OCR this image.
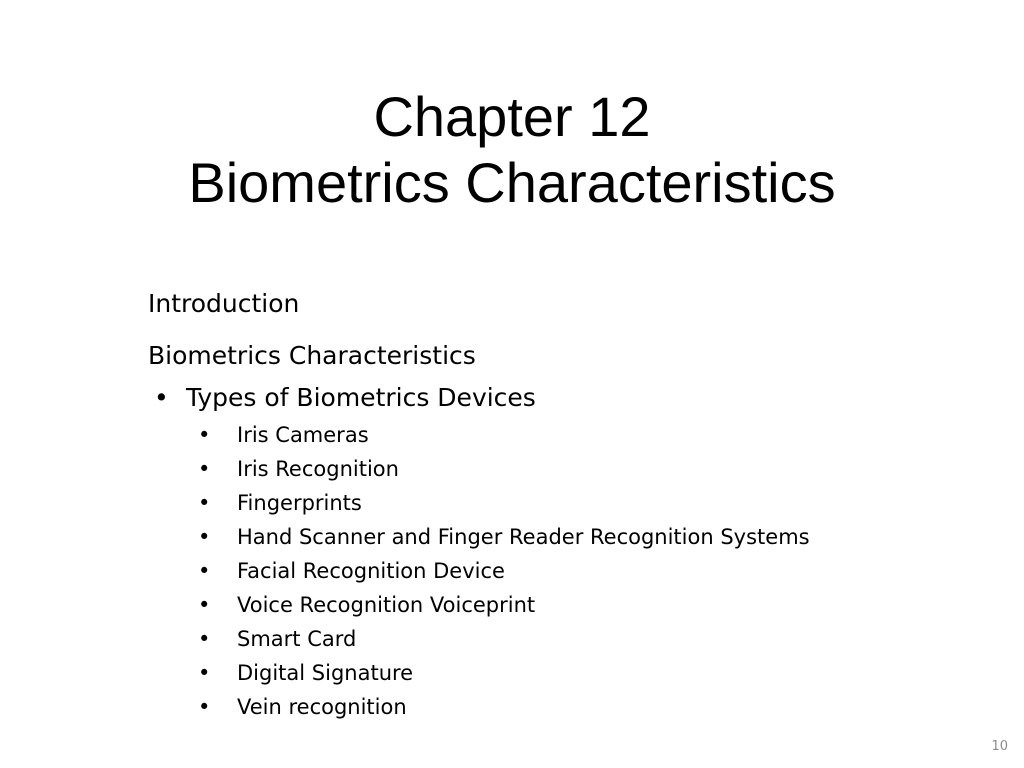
Chapter 12
Biometrics Characteristics

Introduction

Biometrics Characteristics

• Types of Biometrics Devices
• Iris Cameras
• Iris Recognition
• Fingerprints
• Hand Scanner and Finger Reader Recognition Systems
• Facial Recognition Device
• Voice Recognition Voiceprint
• Smart Card
• Digital Signature
• Vein recognition
10
